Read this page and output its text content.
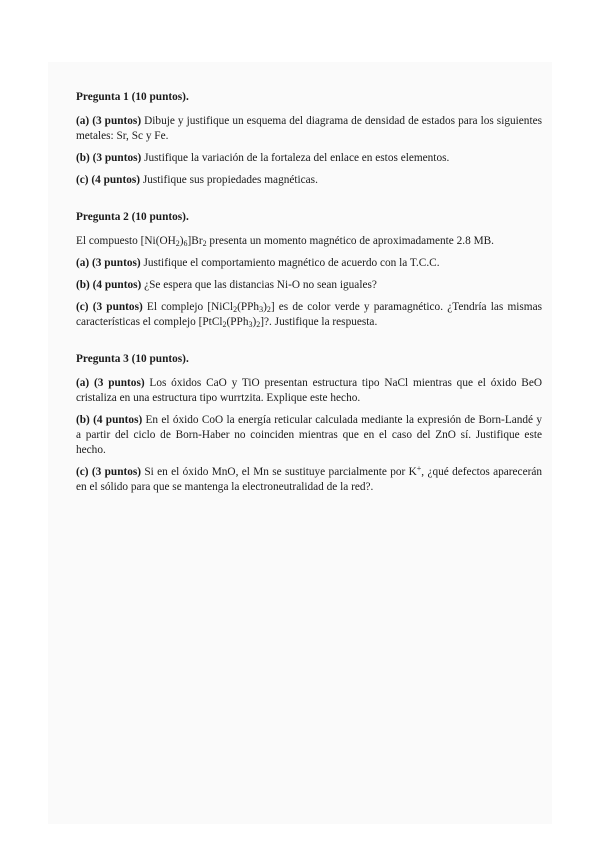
Pregunta 1 (10 puntos).

(a) (3 puntos) Dibuje y justifique un esquema del diagrama de densidad de estados para los siguientes metales: Sr, Sc y Fe.

(b) (3 puntos) Justifique la variación de la fortaleza del enlace en estos elementos.

(c) (4 puntos) Justifique sus propiedades magnéticas.

Pregunta 2 (10 puntos).

El compuesto $[Ni(OH_2)_6]Br_2$ presenta un momento magnético de aproximadamente 2.8 MB.

(a) (3 puntos) Justifique el comportamiento magnético de acuerdo con la T.C.C.

(b) (4 puntos) ¿Se espera que las distancias Ni-O no sean iguales?

(c) (3 puntos) El complejo $[NiCl_2(PPh_3)_2]$ es de color verde y paramagnético. ¿Tendría las mismas características el complejo $[PtCl_2(PPh_3)_2]$?. Justifique la respuesta.

Pregunta 3 (10 puntos).

(a) (3 puntos) Los óxidos CaO y TiO presentan estructura tipo NaCl mientras que el óxido BeO cristaliza en una estructura tipo wurrtzita. Explique este hecho.

(b) (4 puntos) En el óxido CoO la energía reticular calculada mediante la expresión de Born-Landé y a partir del ciclo de Born-Haber no coinciden mientras que en el caso del ZnO sí. Justifique este hecho.

(c) (3 puntos) Si en el óxido MnO, el Mn se sustituye parcialmente por K+, ¿qué defectos aparecerán en el sólido para que se mantenga la electroneutralidad de la red?.
